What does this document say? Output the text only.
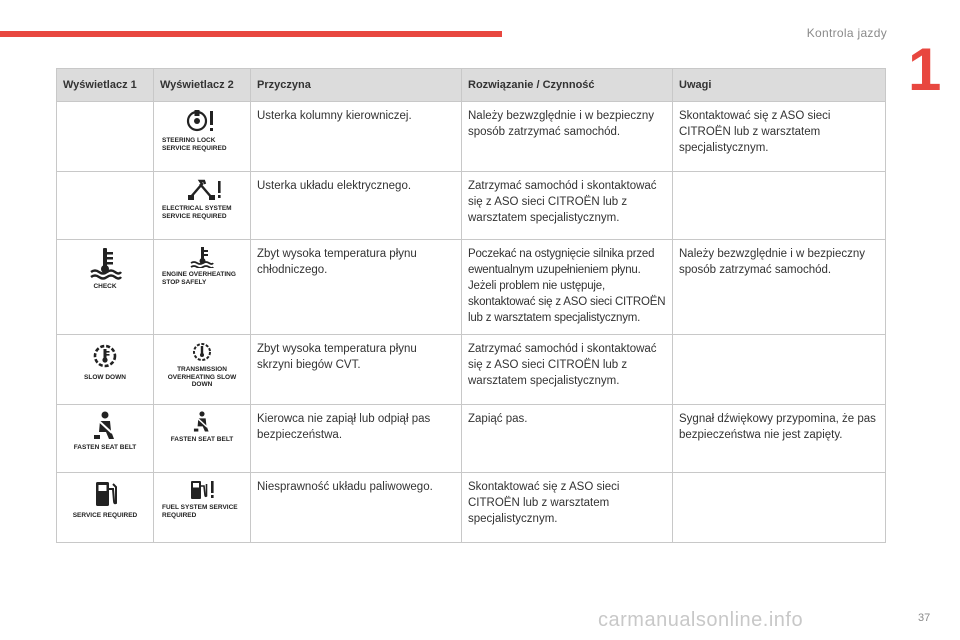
Kontrola jazdy
1
Wyświetlacz 1	Wyświetlacz 2	Przyczyna	Rozwiązanie / Czynność	Uwagi

	STEERING LOCK SERVICE REQUIRED	Usterka kolumny kierowniczej.	Należy bezwzględnie i w bezpieczny sposób zatrzymać samochód.	Skontaktować się z ASO sieci CITROËN lub z warsztatem specjalistycznym.

	ELECTRICAL SYSTEM SERVICE REQUIRED	Usterka układu elektrycznego.	Zatrzymać samochód i skontaktować się z ASO sieci CITROËN lub z warsztatem specjalistycznym.	

CHECK	ENGINE OVERHEATING STOP SAFELY	Zbyt wysoka temperatura płynu chłodniczego.	Poczekać na ostygnięcie silnika przed ewentualnym uzupełnieniem płynu. Jeżeli problem nie ustępuje, skontaktować się z ASO sieci CITROËN lub z warsztatem specjalistycznym.	Należy bezwzględnie i w bezpieczny sposób zatrzymać samochód.

SLOW DOWN	TRANSMISSION OVERHEATING SLOW DOWN	Zbyt wysoka temperatura płynu skrzyni biegów CVT.	Zatrzymać samochód i skontaktować się z ASO sieci CITROËN lub z warsztatem specjalistycznym.	

FASTEN SEAT BELT	FASTEN SEAT BELT	Kierowca nie zapiął lub odpiął pas bezpieczeństwa.	Zapiąć pas.	Sygnał dźwiękowy przypomina, że pas bezpieczeństwa nie jest zapięty.

SERVICE REQUIRED	FUEL SYSTEM SERVICE REQUIRED	Niesprawność układu paliwowego.	Skontaktować się z ASO sieci CITROËN lub z warsztatem specjalistycznym.	
carmanualsonline.info	37
